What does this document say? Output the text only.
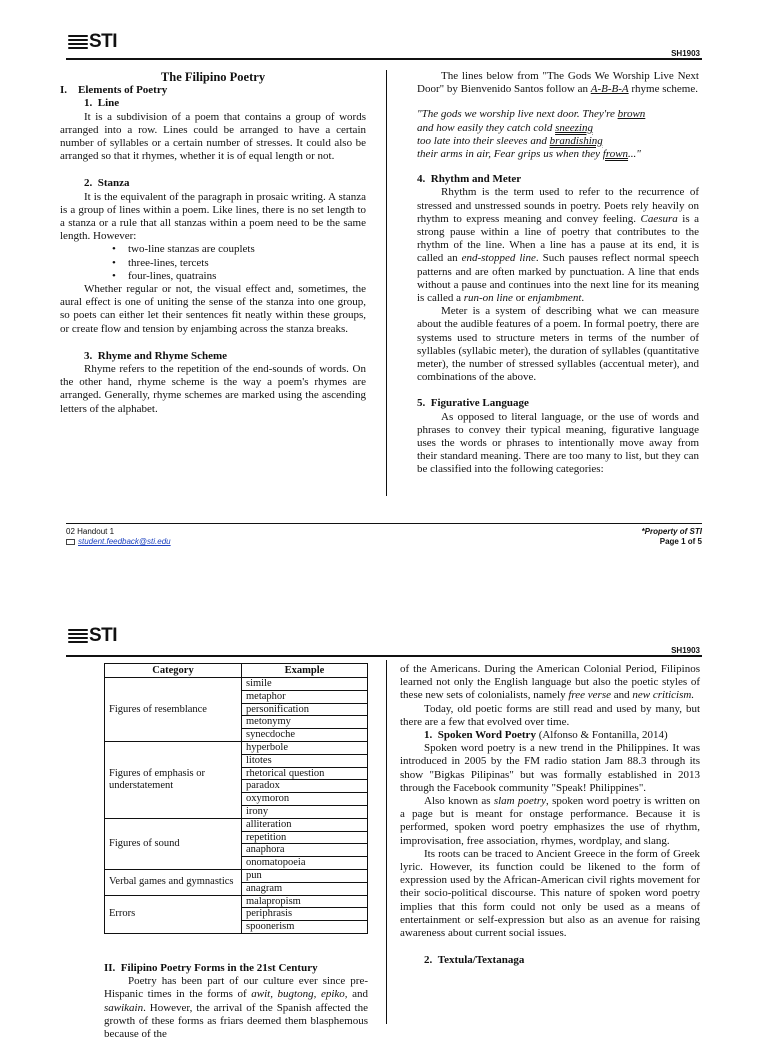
STI
SH1903

The Filipino Poetry

I.    Elements of Poetry

1.  Line

It is a subdivision of a poem that contains a group of words arranged into a row. Lines could be arranged to have a certain number of syllables or a certain number of stresses. It could also be arranged so that it rhymes, whether it is of equal length or not.

2.  Stanza

It is the equivalent of the paragraph in prosaic writing. A stanza is a group of lines within a poem. Like lines, there is no set length to a stanza or a rule that all stanzas within a poem need to be the same length. However:

• two-line stanzas are couplets
• three-lines, tercets
• four-lines, quatrains

Whether regular or not, the visual effect and, sometimes, the aural effect is one of uniting the sense of the stanza into one group, so poets can either let their sentences fit neatly within these groups, or create flow and tension by enjambing across the stanza breaks.

3.  Rhyme and Rhyme Scheme

Rhyme refers to the repetition of the end-sounds of words. On the other hand, rhyme scheme is the way a poem's rhymes are arranged. Generally, rhyme schemes are marked using the ascending letters of the alphabet.

The lines below from "The Gods We Worship Live Next Door" by Bienvenido Santos follow an A-B-B-A rhyme scheme.

"The gods we worship live next door. They're brown

and how easily they catch cold sneezing

too late into their sleeves and brandishing

their arms in air, Fear grips us when they frown..."

4.  Rhythm and Meter

Rhythm is the term used to refer to the recurrence of stressed and unstressed sounds in poetry. Poets rely heavily on rhythm to express meaning and convey feeling. Caesura is a strong pause within a line of poetry that contributes to the rhythm of the line. When a line has a pause at its end, it is called an end-stopped line. Such pauses reflect normal speech patterns and are often marked by punctuation. A line that ends without a pause and continues into the next line for its meaning is called a run-on line or enjambment.

Meter is a system of describing what we can measure about the audible features of a poem. In formal poetry, there are systems used to structure meters in terms of the number of syllables (syllabic meter), the duration of syllables (quantitative meter), the number of stressed syllables (accentual meter), and combinations of the above.

5.  Figurative Language

As opposed to literal language, or the use of words and phrases to convey their typical meaning, figurative language uses the words or phrases to intentionally move away from their standard meaning. There are too many to list, but they can be classified into the following categories:

02 Handout 1
student.feedback@sti.edu
*Property of STI
Page 1 of 5
STI
SH1903
Category	Example
Figures of resemblance	simile
	metaphor
	personification
	metonymy
	synecdoche
Figures of emphasis or understatement	hyperbole
	litotes
	rhetorical question
	paradox
	oxymoron
	irony
Figures of sound	alliteration
	repetition
	anaphora
	onomatopoeia
Verbal games and gymnastics	pun
	anagram
Errors	malapropism
	periphrasis
	spoonerism

II.  Filipino Poetry Forms in the 21st Century

Poetry has been part of our culture ever since pre-Hispanic times in the forms of awit, bugtong, epiko, and sawikain. However, the arrival of the Spanish affected the growth of these forms as friars deemed them blasphemous because of the

of the Americans. During the American Colonial Period, Filipinos learned not only the English language but also the poetic styles of these new sets of colonialists, namely free verse and new criticism.

Today, old poetic forms are still read and used by many, but there are a few that evolved over time.

1.  Spoken Word Poetry (Alfonso & Fontanilla, 2014)

Spoken word poetry is a new trend in the Philippines. It was introduced in 2005 by the FM radio station Jam 88.3 through its show "Bigkas Pilipinas" but was formally established in 2013 through the Facebook community "Speak! Philippines".

Also known as slam poetry, spoken word poetry is written on a page but is meant for onstage performance. Because it is performed, spoken word poetry emphasizes the use of rhythm, improvisation, free association, rhymes, wordplay, and slang.

Its roots can be traced to Ancient Greece in the form of Greek lyric. However, its function could be likened to the form of expression used by the African-American civil rights movement for their socio-political discourse. This nature of spoken word poetry implies that this form could not only be used as a means of entertainment or self-expression but also as an avenue for raising awareness about current social issues.

2.  Textula/Textanaga
